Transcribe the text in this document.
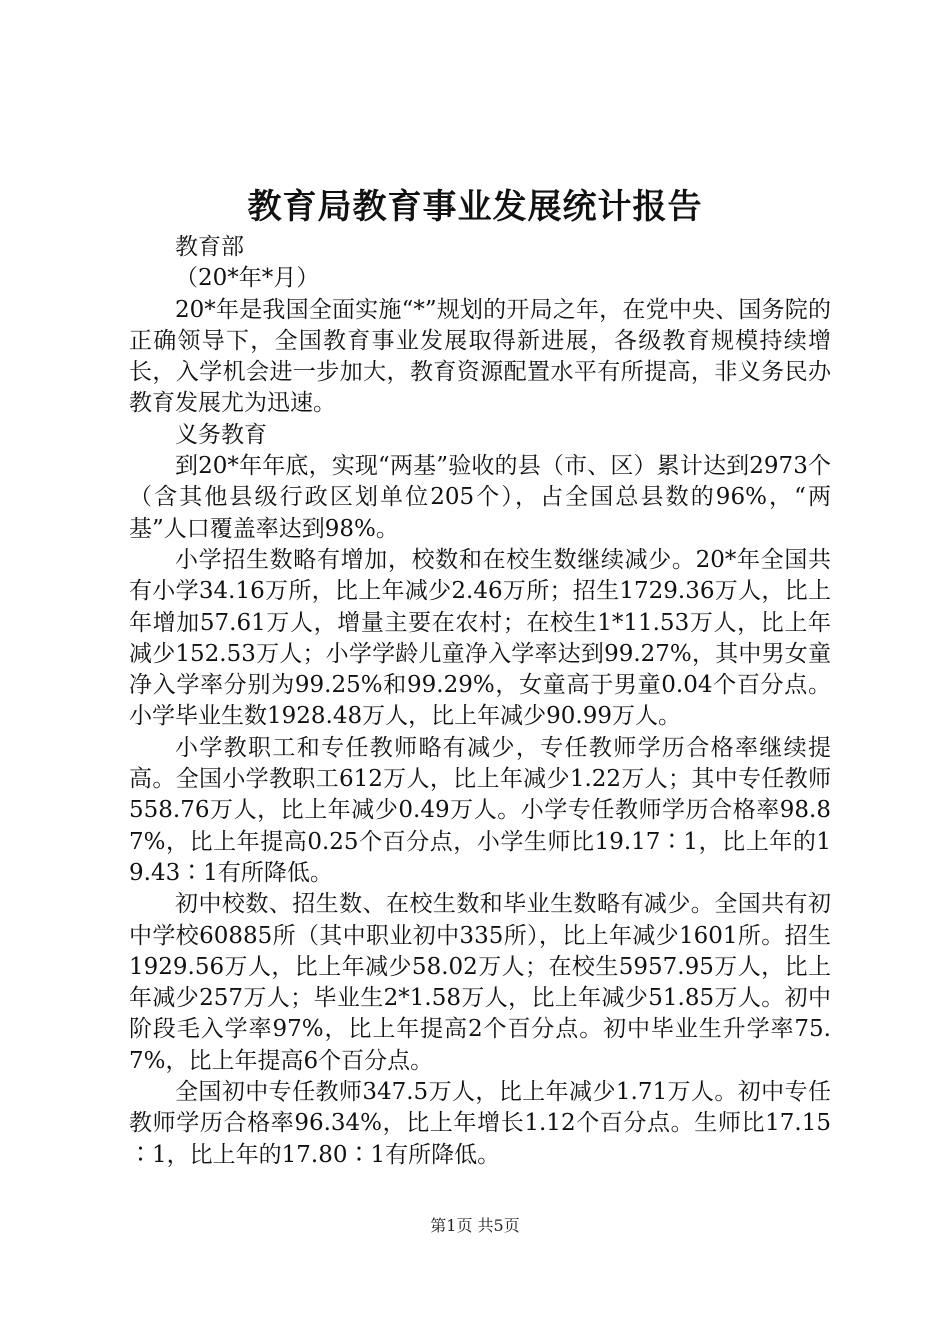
教育局教育事业发展统计报告

教育部

（20*年*月）

20*年是我国全面实施“*”规划的开局之年，在党中央、国务院的正确领导下，全国教育事业发展取得新进展，各级教育规模持续增长，入学机会进一步加大，教育资源配置水平有所提高，非义务民办教育发展尤为迅速。

义务教育

到20*年年底，实现“两基”验收的县（市、区）累计达到2973个（含其他县级行政区划单位205个），占全国总县数的96%，“两基”人口覆盖率达到98%。

小学招生数略有增加，校数和在校生数继续减少。20*年全国共有小学34.16万所，比上年减少2.46万所；招生1729.36万人，比上年增加57.61万人，增量主要在农村；在校生1*11.53万人，比上年减少152.53万人；小学学龄儿童净入学率达到99.27%，其中男女童净入学率分别为99.25%和99.29%，女童高于男童0.04个百分点。小学毕业生数1928.48万人，比上年减少90.99万人。

小学教职工和专任教师略有减少，专任教师学历合格率继续提高。全国小学教职工612万人，比上年减少1.22万人；其中专任教师558.76万人，比上年减少0.49万人。小学专任教师学历合格率98.87%，比上年提高0.25个百分点，小学生师比19.17∶1，比上年的19.43∶1有所降低。

初中校数、招生数、在校生数和毕业生数略有减少。全国共有初中学校60885所（其中职业初中335所），比上年减少1601所。招生1929.56万人，比上年减少58.02万人；在校生5957.95万人，比上年减少257万人；毕业生2*1.58万人，比上年减少51.85万人。初中阶段毛入学率97%，比上年提高2个百分点。初中毕业生升学率75.7%，比上年提高6个百分点。

全国初中专任教师347.5万人，比上年减少1.71万人。初中专任教师学历合格率96.34%，比上年增长1.12个百分点。生师比17.15∶1，比上年的17.80∶1有所降低。

第1页 共5页
